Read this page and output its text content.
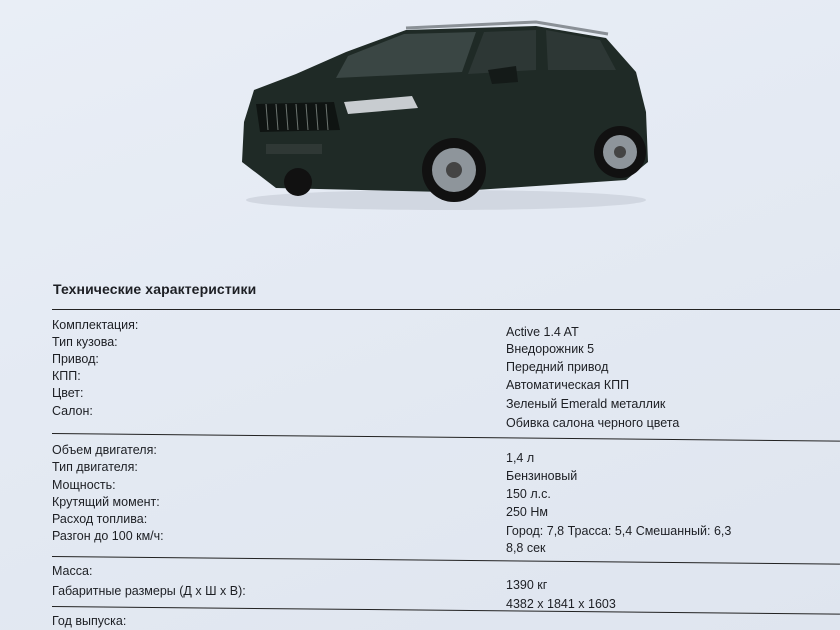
Технические характеристики
Комплектация:	Active 1.4 AT
Тип кузова:	Внедорожник 5
Привод:
Передний привод
КПП:
Автоматическая КПП
Цвет:
Зеленый Emerald металлик
Салон:
Обивка салона черного цвета
Объем двигателя:
1,4 л
Тип двигателя:
Бензиновый
Мощность:
150 л.с.
Крутящий момент:
250 Нм
Расход топлива:
Город: 7,8 Трасса: 5,4 Смешанный: 6,3
Разгон до 100 км/ч:
8,8 сек
Масса:
1390 кг
Габаритные размеры (Д х Ш х В):
4382 x 1841 x 1603
Год выпуска:
